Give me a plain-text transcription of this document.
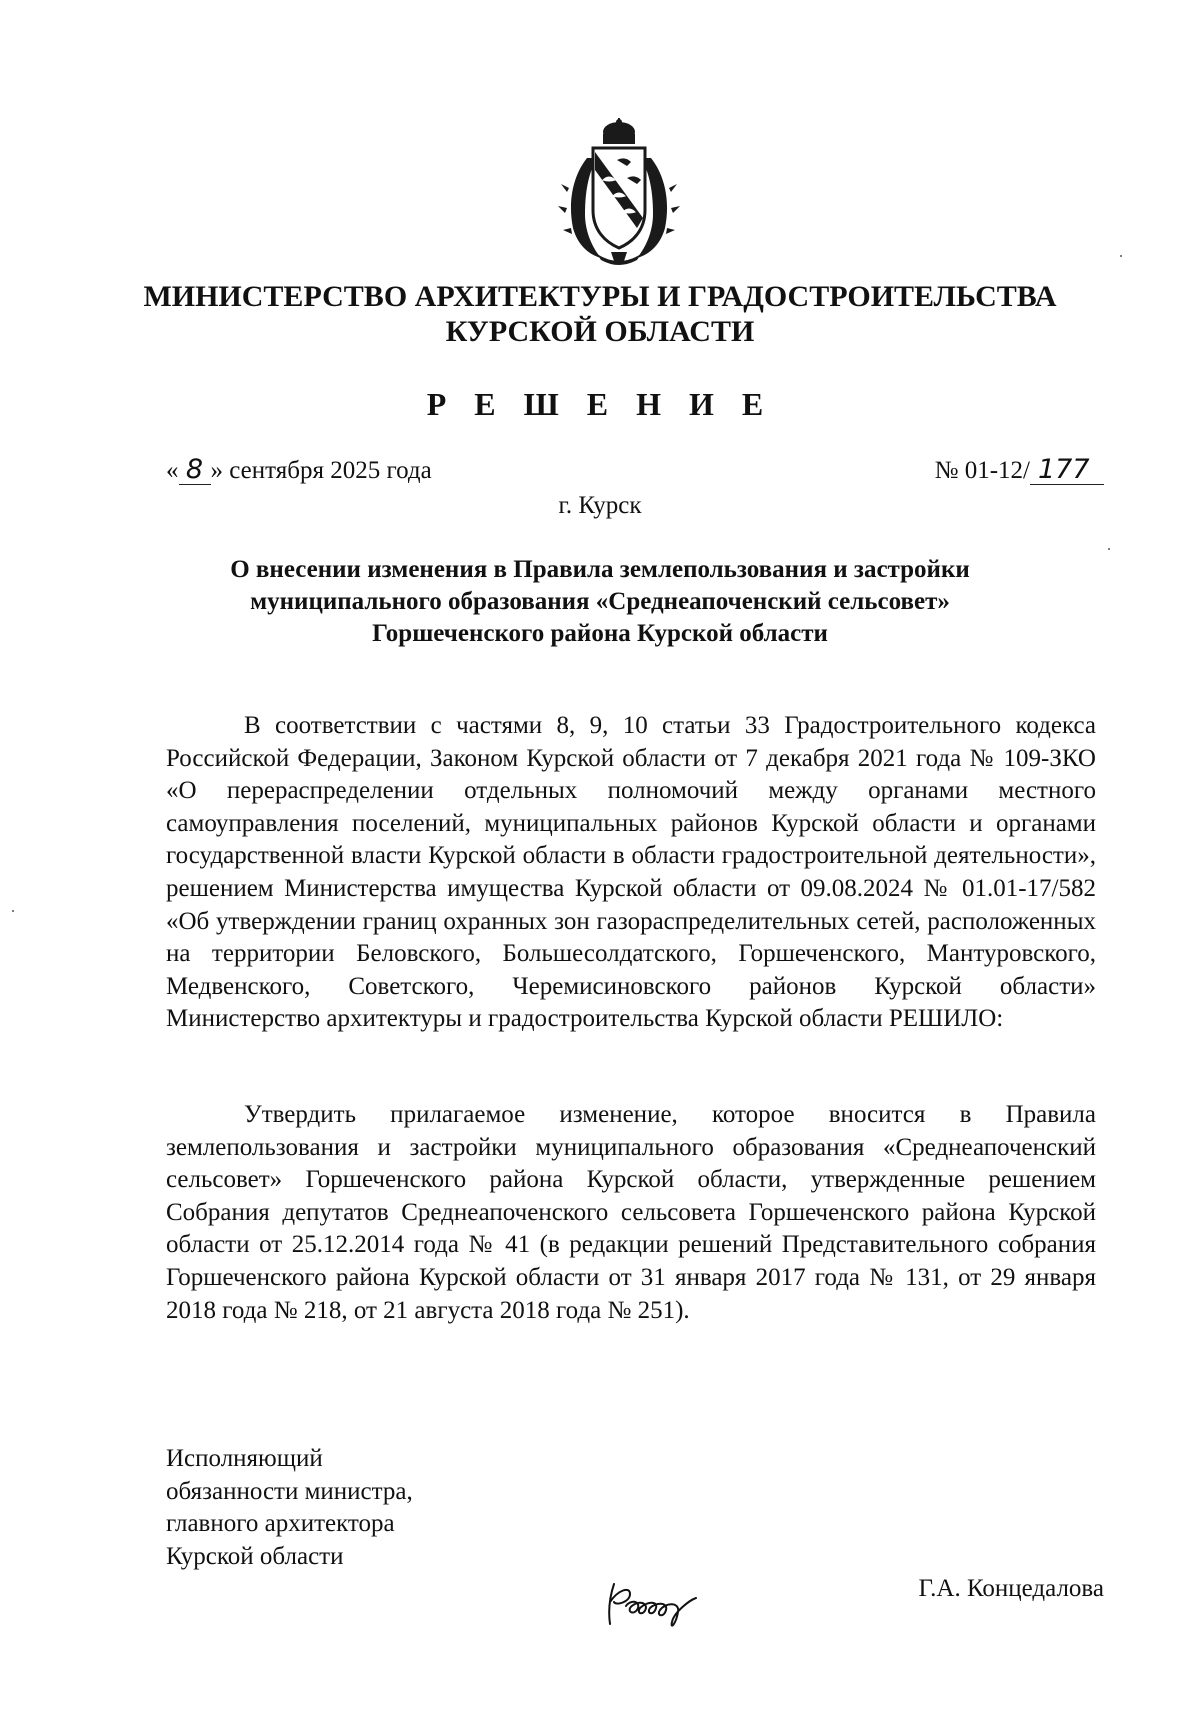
МИНИСТЕРСТВО АРХИТЕКТУРЫ И ГРАДОСТРОИТЕЛЬСТВА
КУРСКОЙ ОБЛАСТИ
Р Е Ш Е Н И Е
« 8 » сентября 2025 года	№ 01-12/ 177
г. Курск
О внесении изменения в Правила землепользования и застройки
муниципального образования «Среднеапоченский сельсовет»
Горшеченского района Курской области

В соответствии с частями 8, 9, 10 статьи 33 Градостроительного кодекса Российской Федерации, Законом Курской области от 7 декабря 2021 года № 109-ЗКО «О перераспределении отдельных полномочий между органами местного самоуправления поселений, муниципальных районов Курской области и органами государственной власти Курской области в области градостроительной деятельности», решением Министерства имущества Курской области от 09.08.2024 № 01.01-17/582 «Об утверждении границ охранных зон газораспределительных сетей, расположенных на территории Беловского, Большесолдатского, Горшеченского, Мантуровского, Медвенского, Советского, Черемисиновского районов Курской области» Министерство архитектуры и градостроительства Курской области РЕШИЛО:

Утвердить прилагаемое изменение, которое вносится в Правила землепользования и застройки муниципального образования «Среднеапоченский сельсовет» Горшеченского района Курской области, утвержденные решением Собрания депутатов Среднеапоченского сельсовета Горшеченского района Курской области от 25.12.2014 года № 41 (в редакции решений Представительного собрания Горшеченского района Курской области от 31 января 2017 года № 131, от 29 января 2018 года № 218, от 21 августа 2018 года № 251).

Исполняющий
обязанности министра,
главного архитектора
Курской области
Г.А. Концедалова
